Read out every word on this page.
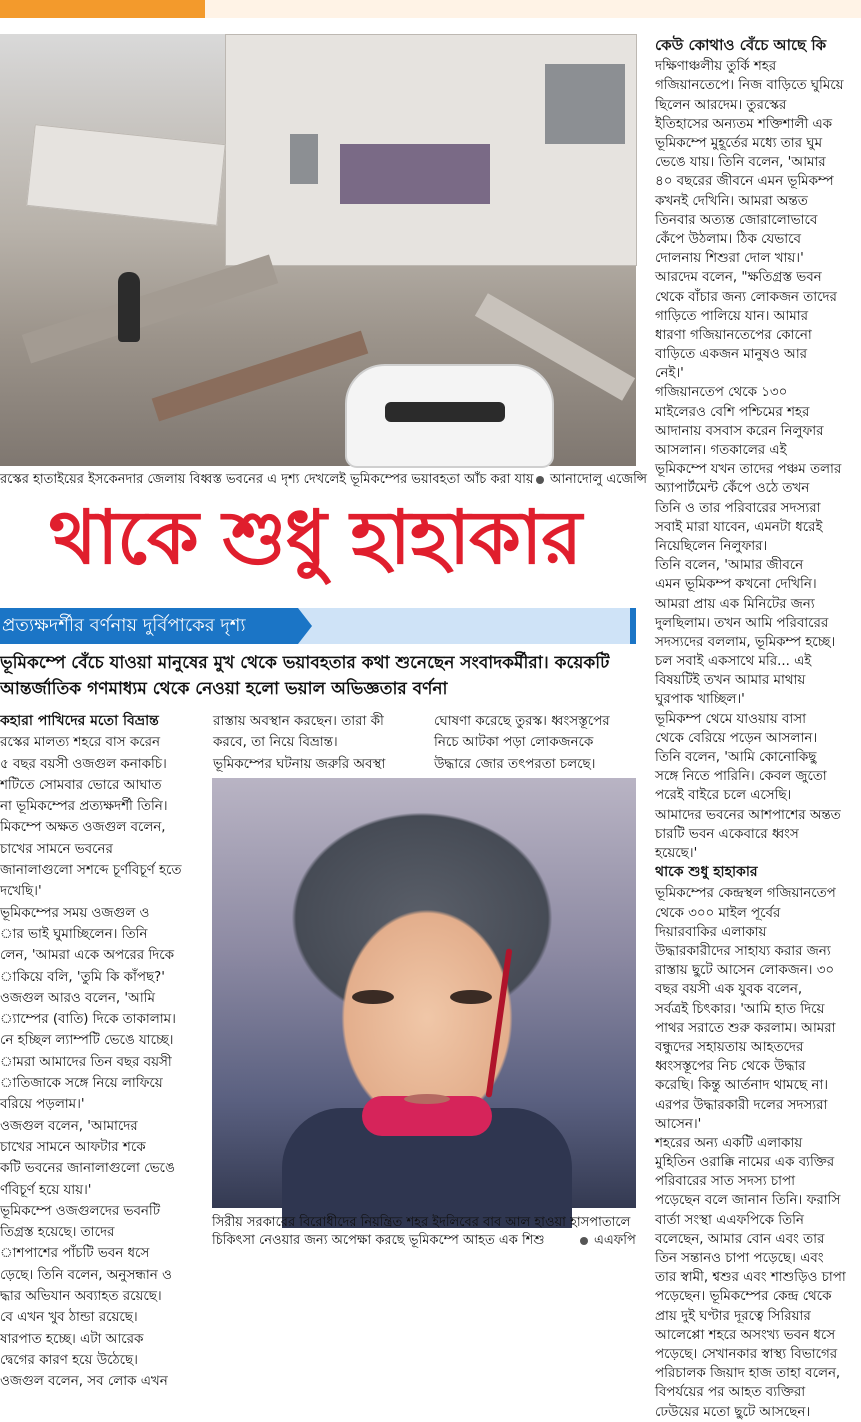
রস্কের হাতাইয়ের ইসকেনদার জেলায় বিধ্বস্ত ভবনের এ দৃশ্য দেখলেই ভূমিকম্পের ভয়াবহতা আঁচ করা যায়	আনাদোলু এজেন্সি
থাকে শুধু হাহাকার
প্রত্যক্ষদর্শীর বর্ণনায় দুর্বিপাকের দৃশ্য
ভূমিকম্পে বেঁচে যাওয়া মানুষের মুখ থেকে ভয়াবহতার কথা শুনেছেন সংবাদকর্মীরা। কয়েকটি
আন্তর্জাতিক গণমাধ্যম থেকে নেওয়া হলো ভয়াল অভিজ্ঞতার বর্ণনা
কহারা পাখিদের মতো বিভ্রান্ত
রস্কের মালত্য শহরে বাস করেন
৫ বছর বয়সী ওজগুল কনাকচি।
শটিতে সোমবার ভোরে আঘাত
না ভূমিকম্পের প্রত্যক্ষদর্শী তিনি।
মিকম্পে অক্ষত ওজগুল বলেন,
চাখের সামনে ভবনের
জানালাগুলো সশব্দে চূর্ণবিচূর্ণ হতে
দখেছি।'
ভূমিকম্পের সময় ওজগুল ও
ার ভাই ঘুমাচ্ছিলেন। তিনি
লেন, 'আমরা একে অপরের দিকে
াকিয়ে বলি, 'তুমি কি কাঁপছ?'
ওজগুল আরও বলেন, 'আমি
্যাম্পের (বাতি) দিকে তাকালাম।
নে হচ্ছিল ল্যাম্পটি ভেঙে যাচ্ছে।
ামরা আমাদের তিন বছর বয়সী
াতিজাকে সঙ্গে নিয়ে লাফিয়ে
বরিয়ে পড়লাম।'
ওজগুল বলেন, 'আমাদের
চাখের সামনে আফটার শকে
কটি ভবনের জানালাগুলো ভেঙে
র্ণবিচূর্ণ হয়ে যায়।'
ভূমিকম্পে ওজগুলদের ভবনটি
তিগ্রস্ত হয়েছে। তাদের
াশপাশের পাঁচটি ভবন ধসে
ড়েছে। তিনি বলেন, অনুসন্ধান ও
দ্ধার অভিযান অব্যাহত রয়েছে।
বে এখন খুব ঠান্ডা রয়েছে।
ষারপাত হচ্ছে। এটা আরেক
দ্বেগের কারণ হয়ে উঠেছে।
ওজগুল বলেন, সব লোক এখন
রাস্তায় অবস্থান করছেন। তারা কী
করবে, তা নিয়ে বিভ্রান্ত।
ভূমিকম্পের ঘটনায় জরুরি অবস্থা
ঘোষণা করেছে তুরস্ক। ধ্বংসস্তূপের
নিচে আটকা পড়া লোকজনকে
উদ্ধারে জোর তৎপরতা চলছে।
সিরীয় সরকারের বিরোধীদের নিয়ন্ত্রিত শহর ইদলিবের বাব আল হাওয়া হাসপাতালে
চিকিৎসা নেওয়ার জন্য অপেক্ষা করছে ভূমিকম্পে আহত এক শিশু	এএফপি
কেউ কোথাও বেঁচে আছে কি
দক্ষিণাঞ্চলীয় তুর্কি শহর
গজিয়ানতেপে। নিজ বাড়িতে ঘুমিয়ে
ছিলেন আরদেম। তুরস্কের
ইতিহাসের অন্যতম শক্তিশালী এক
ভূমিকম্পে মুহূর্তের মধ্যে তার ঘুম
ভেঙে যায়। তিনি বলেন, 'আমার
৪০ বছরের জীবনে এমন ভূমিকম্প
কখনই দেখিনি। আমরা অন্তত
তিনবার অত্যন্ত জোরালোভাবে
কেঁপে উঠলাম। ঠিক যেভাবে
দোলনায় শিশুরা দোল খায়।'
আরদেম বলেন, "ক্ষতিগ্রস্ত ভবন
থেকে বাঁচার জন্য লোকজন তাদের
গাড়িতে পালিয়ে যান। আমার
ধারণা গজিয়ানতেপের কোনো
বাড়িতে একজন মানুষও আর
নেই।'
গজিয়ানতেপ থেকে ১৩০
মাইলেরও বেশি পশ্চিমের শহর
আদানায় বসবাস করেন নিলুফার
আসলান। গতকালের এই
ভূমিকম্পে যখন তাদের পঞ্চম তলার
অ্যাপার্টমেন্ট কেঁপে ওঠে তখন
তিনি ও তার পরিবারের সদস্যরা
সবাই মারা যাবেন, এমনটা ধরেই
নিয়েছিলেন নিলুফার।
তিনি বলেন, 'আমার জীবনে
এমন ভূমিকম্প কখনো দেখিনি।
আমরা প্রায় এক মিনিটের জন্য
দুলছিলাম। তখন আমি পরিবারের
সদস্যদের বললাম, ভূমিকম্প হচ্ছে।
চল সবাই একসাথে মরি... এই
বিষয়টিই তখন আমার মাথায়
ঘুরপাক খাচ্ছিল।'
ভূমিকম্প থেমে যাওয়ায় বাসা
থেকে বেরিয়ে পড়েন আসলান।
তিনি বলেন, 'আমি কোনোকিছু
সঙ্গে নিতে পারিনি। কেবল জুতো
পরেই বাইরে চলে এসেছি।
আমাদের ভবনের আশপাশের অন্তত
চারটি ভবন একেবারে ধ্বংস
হয়েছে।'
থাকে শুধু হাহাকার
ভূমিকম্পের কেন্দ্রস্থল গজিয়ানতেপ
থেকে ৩০০ মাইল পূর্বের
দিয়ারবাকির এলাকায়
উদ্ধারকারীদের সাহায্য করার জন্য
রাস্তায় ছুটে আসেন লোকজন। ৩০
বছর বয়সী এক যুবক বলেন,
সর্বত্রই চিৎকার। 'আমি হাত দিয়ে
পাথর সরাতে শুরু করলাম। আমরা
বন্ধুদের সহায়তায় আহতদের
ধ্বংসস্তূপের নিচ থেকে উদ্ধার
করেছি। কিন্তু আর্তনাদ থামছে না।
এরপর উদ্ধারকারী দলের সদস্যরা
আসেন।'
শহরের অন্য একটি এলাকায়
মুহিতিন ওরাক্কি নামের এক ব্যক্তির
পরিবারের সাত সদস্য চাপা
পড়েছেন বলে জানান তিনি। ফরাসি
বার্তা সংস্থা এএফপিকে তিনি
বলেছেন, আমার বোন এবং তার
তিন সন্তানও চাপা পড়েছে। এবং
তার স্বামী, শ্বশুর এবং শাশুড়িও চাপা
পড়েছেন। ভূমিকম্পের কেন্দ্র থেকে
প্রায় দুই ঘণ্টার দূরত্বে সিরিয়ার
আলেপ্পো শহরে অসংখ্য ভবন ধসে
পড়েছে। সেখানকার স্বাস্থ্য বিভাগের
পরিচালক জিয়াদ হাজ তাহা বলেন,
বিপর্যয়ের পর আহত ব্যক্তিরা
ঢেউয়ের মতো ছুটে আসছেন।
